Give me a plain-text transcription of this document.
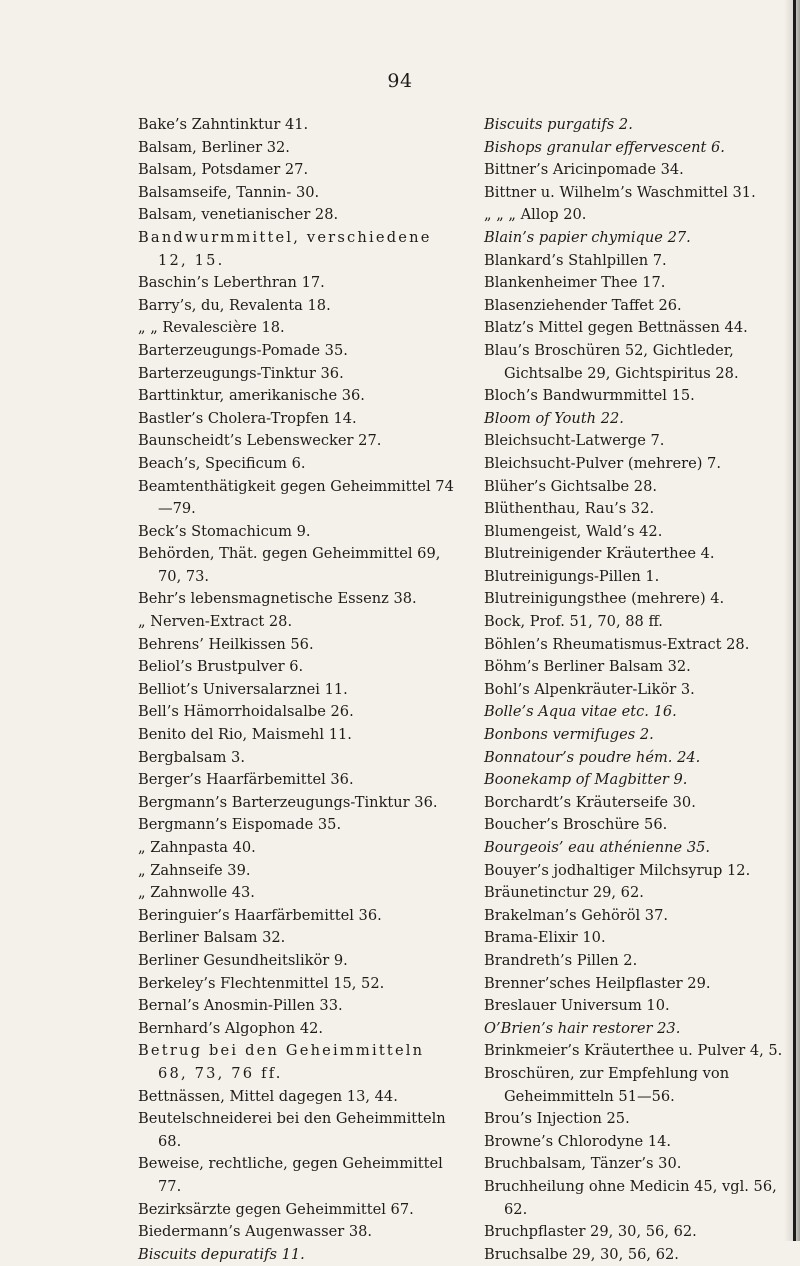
94
Bake’s Zahntinktur 41.
Balsam, Berliner 32.
Balsam, Potsdamer 27.
Balsamseife, Tannin- 30.
Balsam, venetianischer 28.
Bandwurmmittel, verschiedene 12, 15.
Baschin’s Leberthran 17.
Barry’s, du, Revalenta 18.
„ „ Revalescière 18.
Barterzeugungs-Pomade 35.
Barterzeugungs-Tinktur 36.
Barttinktur, amerikanische 36.
Bastler’s Cholera-Tropfen 14.
Baunscheidt’s Lebenswecker 27.
Beach’s, Specificum 6.
Beamtenthätigkeit gegen Geheimmittel 74—79.
Beck’s Stomachicum 9.
Behörden, Thät. gegen Geheimmittel 69, 70, 73.
Behr’s lebensmagnetische Essenz 38.
„ Nerven-Extract 28.
Behrens’ Heilkissen 56.
Beliol’s Brustpulver 6.
Belliot’s Universalarznei 11.
Bell’s Hämorrhoidalsalbe 26.
Benito del Rio, Maismehl 11.
Bergbalsam 3.
Berger’s Haarfärbemittel 36.
Bergmann’s Barterzeugungs-Tinktur 36.
Bergmann’s Eispomade 35.
„ Zahnpasta 40.
„ Zahnseife 39.
„ Zahnwolle 43.
Beringuier’s Haarfärbemittel 36.
Berliner Balsam 32.
Berliner Gesundheitslikör 9.
Berkeley’s Flechtenmittel 15, 52.
Bernal’s Anosmin-Pillen 33.
Bernhard’s Algophon 42.
Betrug bei den Geheimmitteln 68, 73, 76 ff.
Bettnässen, Mittel dagegen 13, 44.
Beutelschneiderei bei den Geheimmitteln 68.
Beweise, rechtliche, gegen Geheimmittel 77.
Bezirksärzte gegen Geheimmittel 67.
Biedermann’s Augenwasser 38.
Biscuits depuratifs 11.
Biscuits purgatifs 2.
Bishops granular effervescent 6.
Bittner’s Aricinpomade 34.
Bittner u. Wilhelm’s Waschmittel 31.
„ „ „ Allop 20.
Blain’s papier chymique 27.
Blankard’s Stahlpillen 7.
Blankenheimer Thee 17.
Blasenziehender Taffet 26.
Blatz’s Mittel gegen Bettnässen 44.
Blau’s Broschüren 52, Gichtleder, Gichtsalbe 29, Gichtspiritus 28.
Bloch’s Bandwurmmittel 15.
Bloom of Youth 22.
Bleichsucht-Latwerge 7.
Bleichsucht-Pulver (mehrere) 7.
Blüher’s Gichtsalbe 28.
Blüthenthau, Rau’s 32.
Blumengeist, Wald’s 42.
Blutreinigender Kräuterthee 4.
Blutreinigungs-Pillen 1.
Blutreinigungsthee (mehrere) 4.
Bock, Prof. 51, 70, 88 ff.
Böhlen’s Rheumatismus-Extract 28.
Böhm’s Berliner Balsam 32.
Bohl’s Alpenkräuter-Likör 3.
Bolle’s Aqua vitae etc. 16.
Bonbons vermifuges 2.
Bonnatour’s poudre hém. 24.
Boonekamp of Magbitter 9.
Borchardt’s Kräuterseife 30.
Boucher’s Broschüre 56.
Bourgeois’ eau athénienne 35.
Bouyer’s jodhaltiger Milchsyrup 12.
Bräunetinctur 29, 62.
Brakelman’s Gehöröl 37.
Brama-Elixir 10.
Brandreth’s Pillen 2.
Brenner’sches Heilpflaster 29.
Breslauer Universum 10.
O’Brien’s hair restorer 23.
Brinkmeier’s Kräuterthee u. Pulver 4, 5.
Broschüren, zur Empfehlung von Geheimmitteln 51—56.
Brou’s Injection 25.
Browne’s Chlorodyne 14.
Bruchbalsam, Tänzer’s 30.
Bruchheilung ohne Medicin 45, vgl. 56, 62.
Bruchpflaster 29, 30, 56, 62.
Bruchsalbe 29, 30, 56, 62.
